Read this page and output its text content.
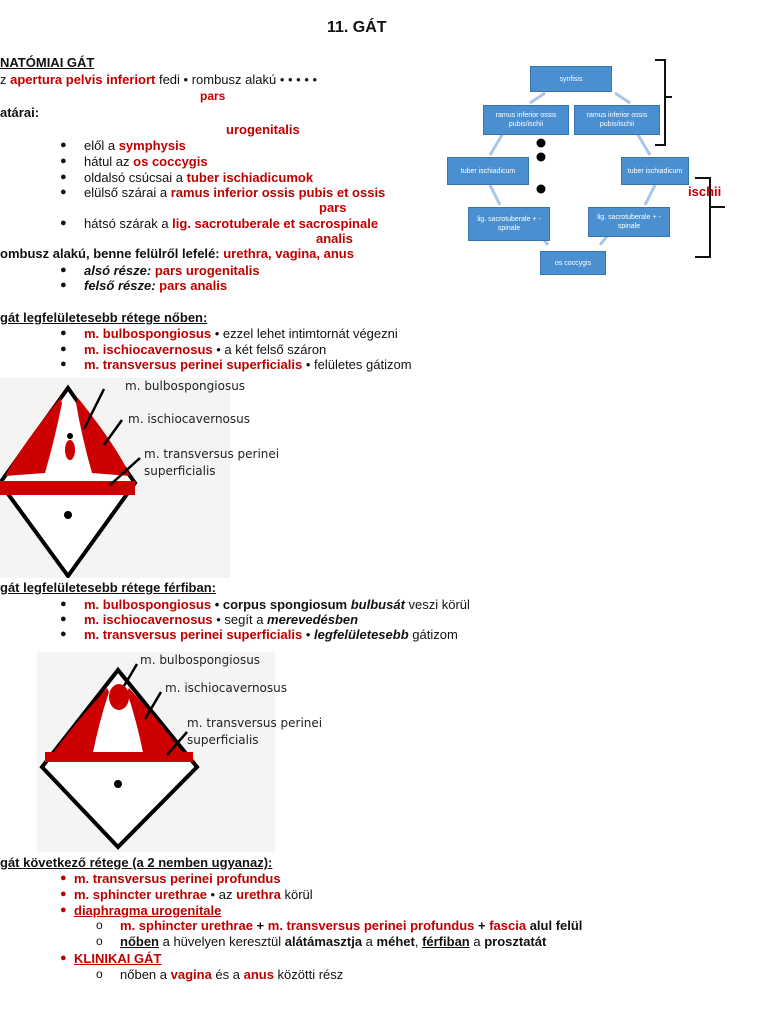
11. GÁT
NATÓMIAI GÁT
z apertura pelvis inferiort fedi • rombusz alakú • • • • •
pars
atárai:
urogenitalis
● elől a symphysis
● hátul az os coccygis
● oldalsó csúcsai a tuber ischiadicumok
● elülső szárai a ramus inferior ossis pubis et ossis
pars
● hátsó szárak a lig. sacrotuberale et sacrospinale
analis
ombusz alakú, benne felülről lefelé: urethra, vagina, anus
● alsó része: pars urogenitalis
● felső része: pars analis
synfisis
ramus inferior ossis pubis/ischii
ramus inferior ossis pubis/ischii
tuber ischiadicum	tuber ischiadicum
lig. sacrotuberale + -spinale
lig. sacrotuberale + -spinale
os coccygis
ischii
gát legfelületesebb rétege nőben:
● m. bulbospongiosus • ezzel lehet intimtornát végezni
● m. ischiocavernosus • a két felső száron
● m. transversus perinei superficialis • felületes gátizom
m. bulbospongiosus
m. ischiocavernosus
m. transversus perinei
superficialis
gát legfelületesebb rétege férfiban:
● m. bulbospongiosus • corpus spongiosum bulbusát veszi körül
● m. ischiocavernosus • segít a merevedésben
● m. transversus perinei superficialis • legfelületesebb gátizom
m. bulbospongiosus
m. ischiocavernosus
m. transversus perinei
superficialis
gát következő rétege (a 2 nemben ugyanaz):
● m. transversus perinei profundus
● m. sphincter urethrae • az urethra körül
● diaphragma urogenitale
o m. sphincter urethrae + m. transversus perinei profundus + fascia alul felül
o nőben a hüvelyen keresztül alátámasztja a méhet, férfiban a prosztatát
● KLINIKAI GÁT
o nőben a vagina és a anus közötti rész
